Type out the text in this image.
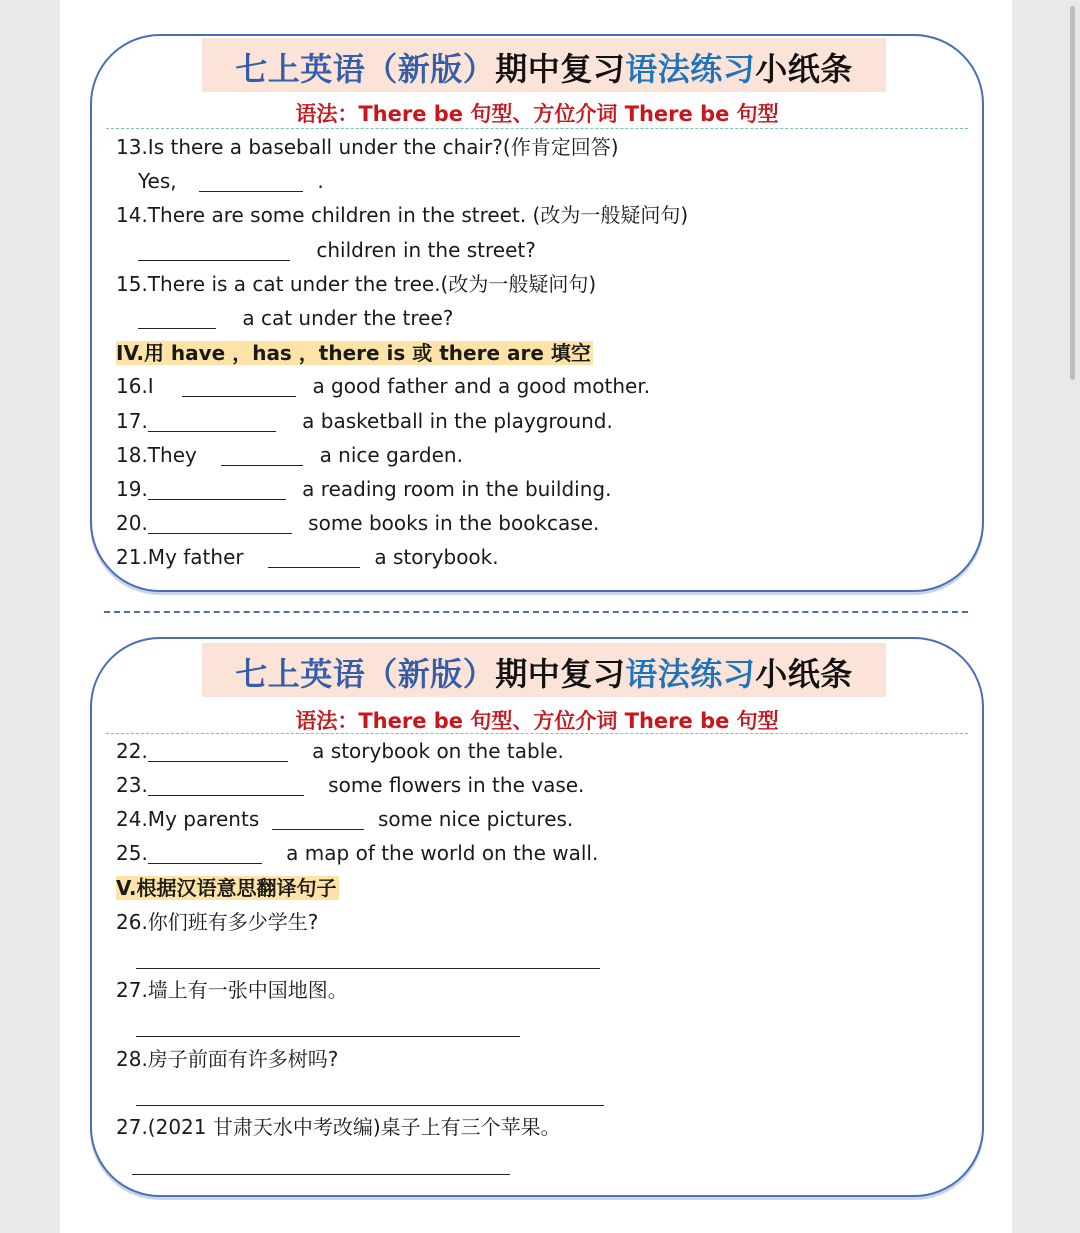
七上英语（新版）期中复习语法练习小纸条
语法：There be 句型、方位介词 There be 句型
13.Is there a baseball under the chair?(作肯定回答)
Yes,	.
14.There are some children in the street. (改为一般疑问句)
children in the street?
15.There is a cat under the tree.(改为一般疑问句)
a cat under the tree?
IV.用 have ，has ，there is 或 there are 填空
16.I	a good father and a good mother.
17.	a basketball in the playground.
18.They	a nice garden.
19.	a reading room in the building.
20.	some books in the bookcase.
21.My father	a storybook.
七上英语（新版）期中复习语法练习小纸条
语法：There be 句型、方位介词 There be 句型
22.	a storybook on the table.
23.	some flowers in the vase.
24.My parents	some nice pictures.
25.	a map of the world on the wall.
V.根据汉语意思翻译句子
26.你们班有多少学生?
27.墙上有一张中国地图。
28.房子前面有许多树吗?
27.(2021 甘肃天水中考改编)桌子上有三个苹果。
